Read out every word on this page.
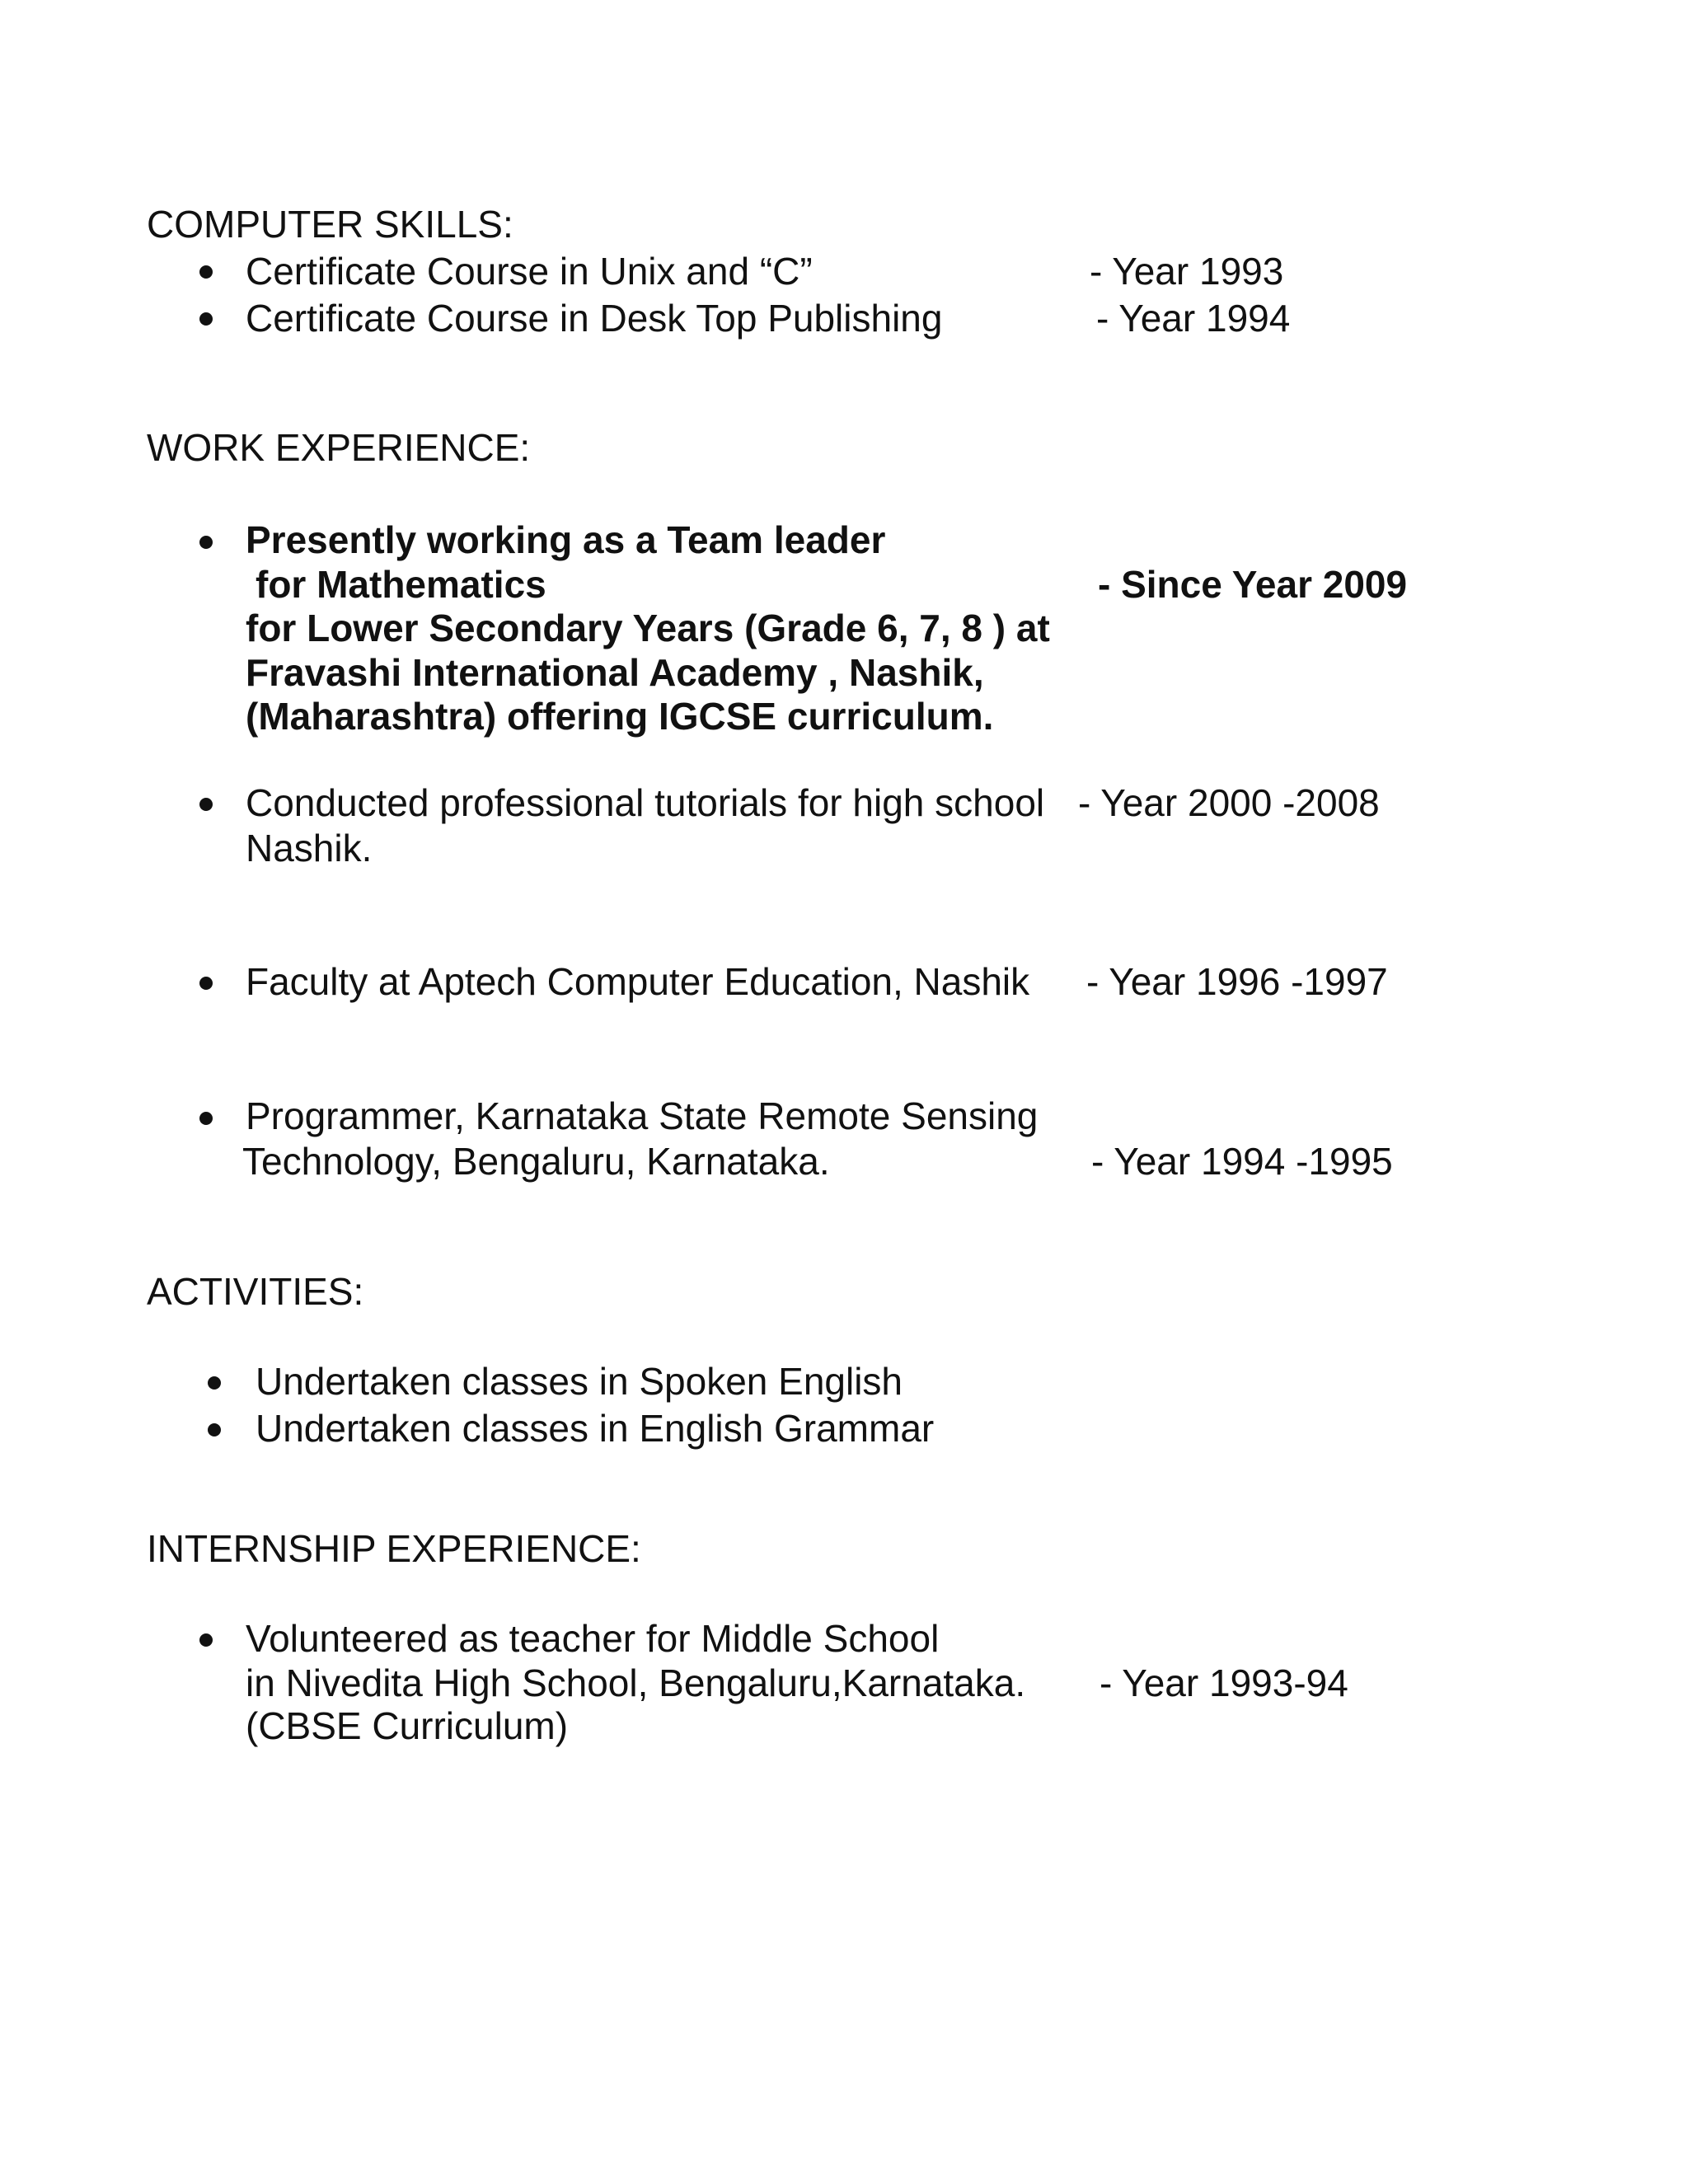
COMPUTER SKILLS:
Certificate Course in Unix and “C”	- Year 1993
Certificate Course in Desk Top Publishing	- Year 1994
WORK EXPERIENCE:
Presently working as a Team leader
for Mathematics	- Since Year 2009
for Lower Secondary Years (Grade 6, 7, 8 ) at
Fravashi International Academy , Nashik,
(Maharashtra) offering IGCSE curriculum.
Conducted professional tutorials for high school - Year 2000 -2008
Nashik.
Faculty at Aptech Computer Education, Nashik - Year 1996 -1997
Programmer, Karnataka State Remote Sensing
Technology, Bengaluru, Karnataka.	- Year 1994 -1995
ACTIVITIES:
Undertaken classes in Spoken English
Undertaken classes in English Grammar
INTERNSHIP EXPERIENCE:
Volunteered as teacher for Middle School
in Nivedita High School, Bengaluru,Karnataka. - Year 1993-94
(CBSE Curriculum)
